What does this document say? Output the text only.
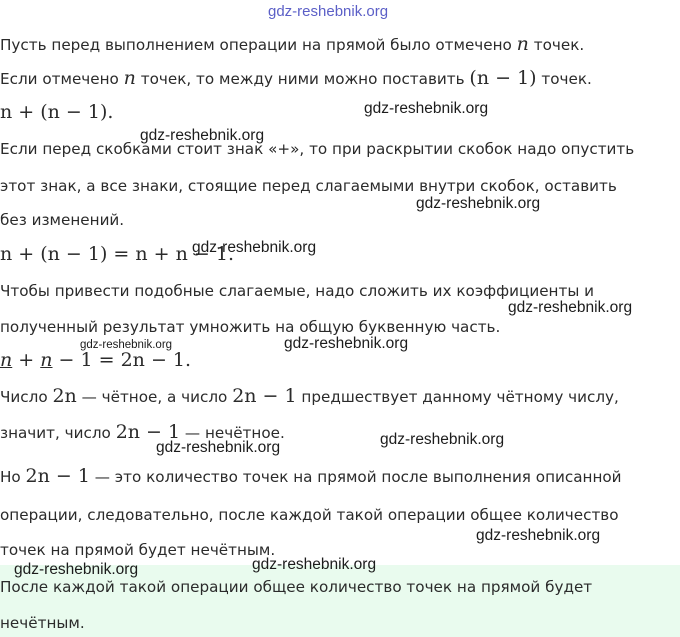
gdz-reshebnik.org
Пусть перед выполнением операции на прямой было отмечено n точек.
Если отмечено n точек, то между ними можно поставить (n − 1) точек.
n + (n − 1).	gdz-reshebnik.org
gdz-reshebnik.org
Если перед скобками стоит знак «+», то при раскрытии скобок надо опустить
этот знак, а все знаки, стоящие перед слагаемыми внутри скобок, оставить
gdz-reshebnik.org
без изменений.
n + (n − 1) = n + n − 1.
gdz-reshebnik.org
Чтобы привести подобные слагаемые, надо сложить их коэффициенты и
gdz-reshebnik.org
полученный результат умножить на общую буквенную часть.
gdz-reshebnik.org	gdz-reshebnik.org
n + n − 1 = 2n − 1.
Число 2n — чётное, а число 2n − 1 предшествует данному чётному числу,
значит, число 2n − 1 — нечётное.	gdz-reshebnik.org
gdz-reshebnik.org
Но 2n − 1 — это количество точек на прямой после выполнения описанной
операции, следовательно, после каждой такой операции общее количество
gdz-reshebnik.org
точек на прямой будет нечётным.
После каждой такой операции общее количество точек на прямой будет
нечётным.
gdz-reshebnik.org
gdz-reshebnik.org
